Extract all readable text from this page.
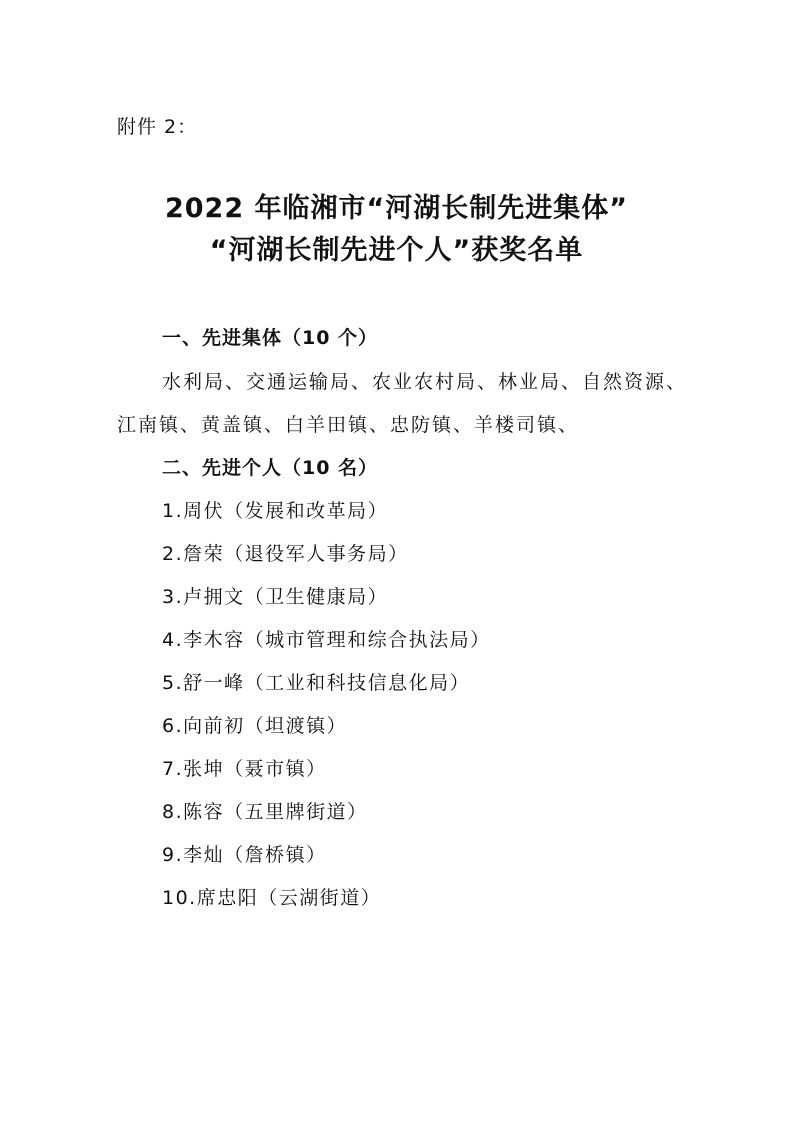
附件 2：
2022 年临湘市“河湖长制先进集体”
“河湖长制先进个人”获奖名单
一、先进集体（10 个）
水利局、交通运输局、农业农村局、林业局、自然资源、
江南镇、黄盖镇、白羊田镇、忠防镇、羊楼司镇、
二、先进个人（10 名）
1.周伏（发展和改革局）
2.詹荣（退役军人事务局）
3.卢拥文（卫生健康局）
4.李木容（城市管理和综合执法局）
5.舒一峰（工业和科技信息化局）
6.向前初（坦渡镇）
7.张坤（聂市镇）
8.陈容（五里牌街道）
9.李灿（詹桥镇）
10.席忠阳（云湖街道）
